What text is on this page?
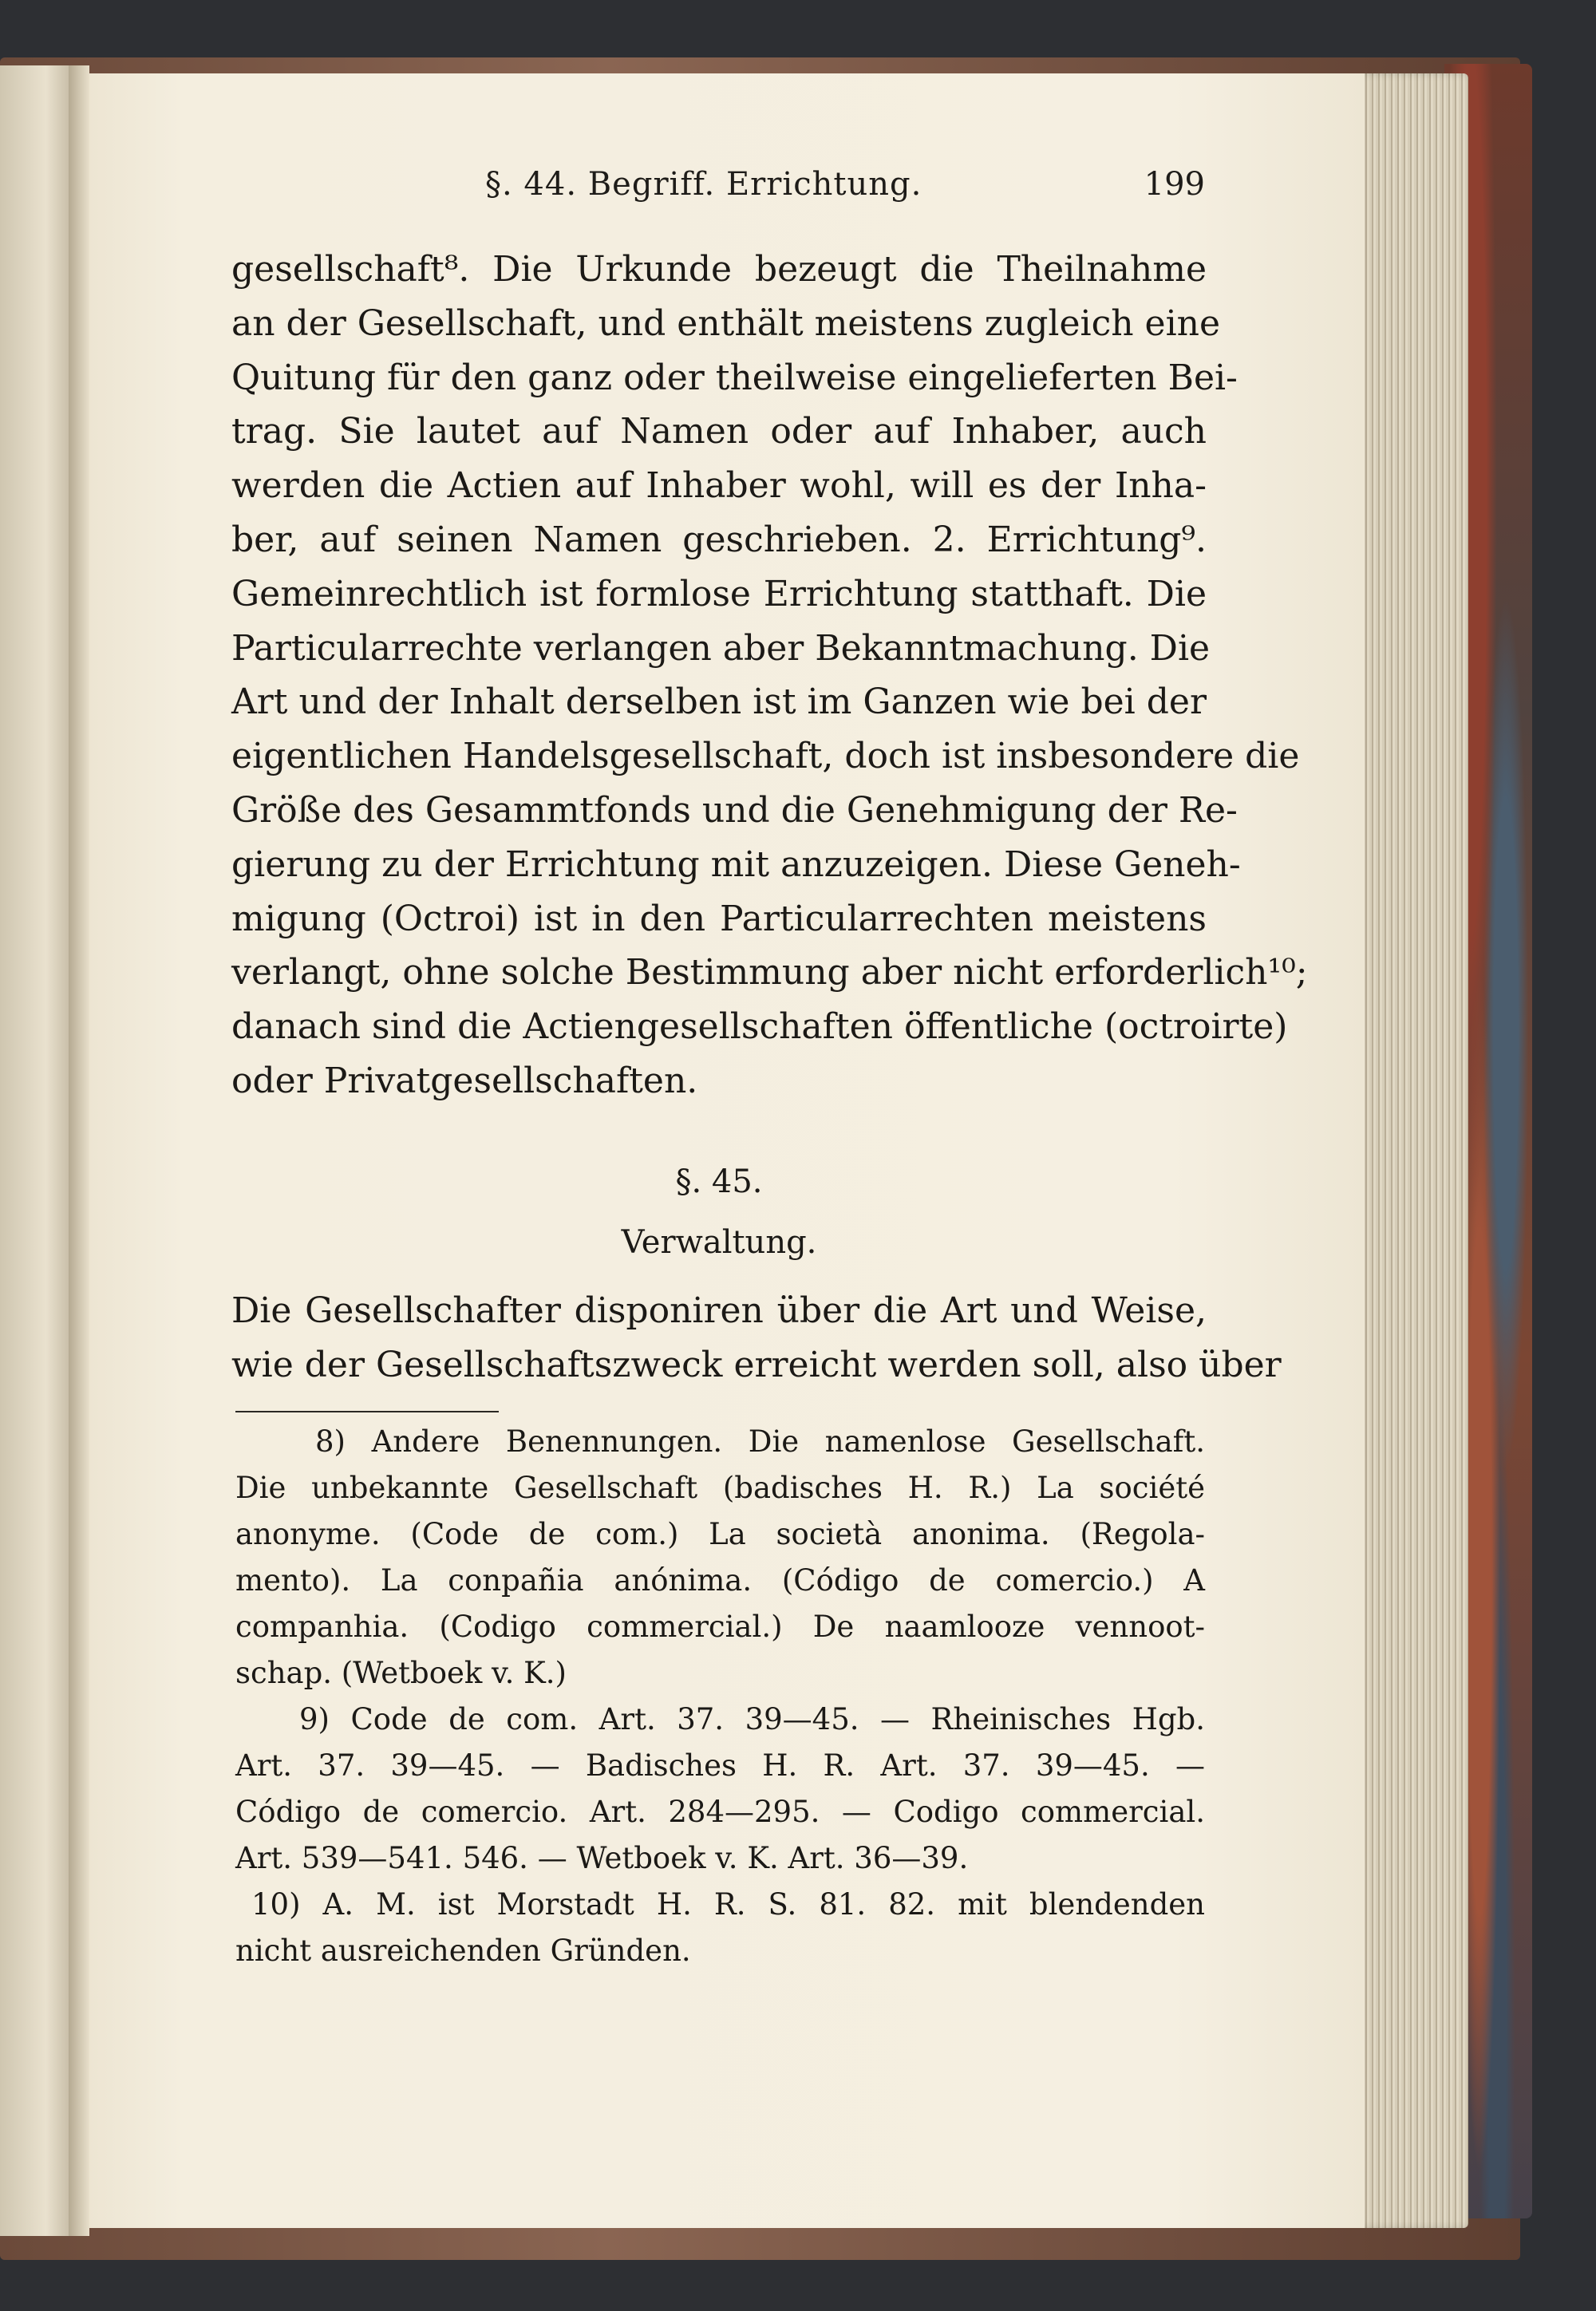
§. 44. Begriff. Errichtung.	199
gesellschaft⁸. Die Urkunde bezeugt die Theilnahme
an der Gesellschaft, und enthält meistens zugleich eine
Quitung für den ganz oder theilweise eingelieferten Bei-
trag. Sie lautet auf Namen oder auf Inhaber, auch
werden die Actien auf Inhaber wohl, will es der Inha-
ber, auf seinen Namen geschrieben. 2. Errichtung⁹.
Gemeinrechtlich ist formlose Errichtung statthaft. Die
Particularrechte verlangen aber Bekanntmachung. Die
Art und der Inhalt derselben ist im Ganzen wie bei der
eigentlichen Handelsgesellschaft, doch ist insbesondere die
Größe des Gesammtfonds und die Genehmigung der Re-
gierung zu der Errichtung mit anzuzeigen. Diese Geneh-
migung (Octroi) ist in den Particularrechten meistens
verlangt, ohne solche Bestimmung aber nicht erforderlich¹⁰;
danach sind die Actiengesellschaften öffentliche (octroirte)
oder Privatgesellschaften.
§. 45.
Verwaltung.
Die Gesellschafter disponiren über die Art und Weise,
wie der Gesellschaftszweck erreicht werden soll, also über
8) Andere Benennungen. Die namenlose Gesellschaft.
Die unbekannte Gesellschaft (badisches H. R.) La société
anonyme. (Code de com.) La società anonima. (Regola-
mento). La conpañia anónima. (Código de comercio.) A
companhia. (Codigo commercial.) De naamlooze vennoot-
schap. (Wetboek v. K.)
9) Code de com. Art. 37. 39—45. — Rheinisches Hgb.
Art. 37. 39—45. — Badisches H. R. Art. 37. 39—45. —
Código de comercio. Art. 284—295. — Codigo commercial.
Art. 539—541. 546. — Wetboek v. K. Art. 36—39.
10) A. M. ist Morstadt H. R. S. 81. 82. mit blendenden
nicht ausreichenden Gründen.
